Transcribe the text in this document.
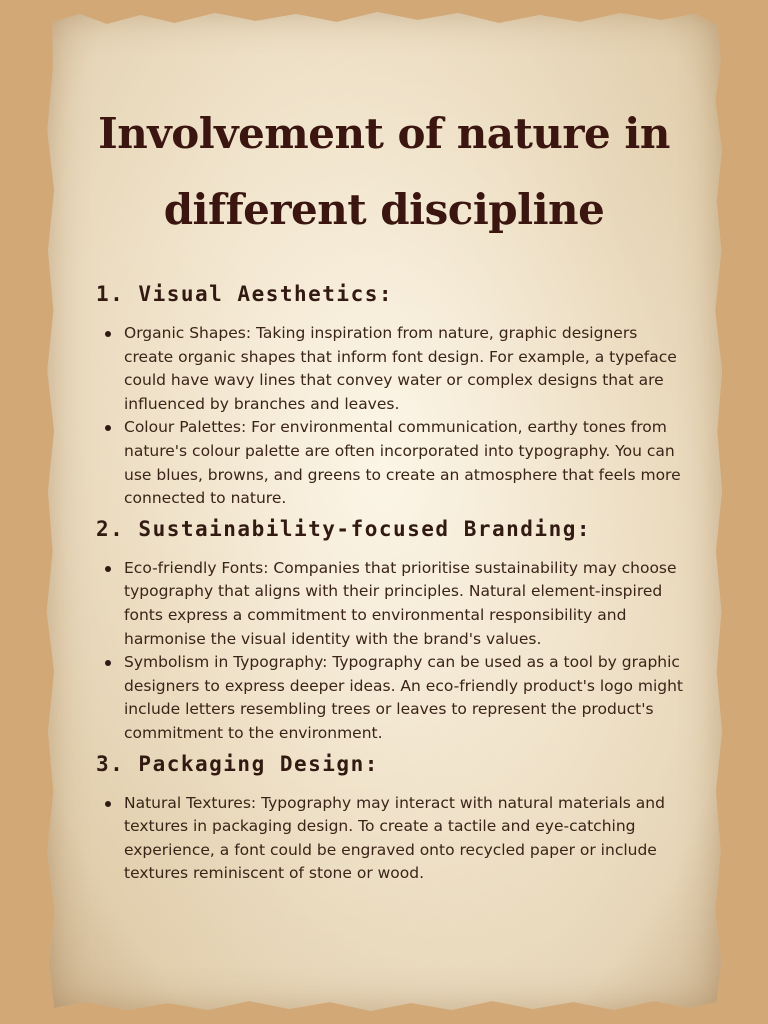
Involvement of nature in
different discipline
1. Visual Aesthetics:
Organic Shapes: Taking inspiration from nature, graphic designers create organic shapes that inform font design. For example, a typeface could have wavy lines that convey water or complex designs that are influenced by branches and leaves.
Colour Palettes: For environmental communication, earthy tones from nature's colour palette are often incorporated into typography. You can use blues, browns, and greens to create an atmosphere that feels more connected to nature.
2. Sustainability-focused Branding:
Eco-friendly Fonts: Companies that prioritise sustainability may choose typography that aligns with their principles. Natural element-inspired fonts express a commitment to environmental responsibility and harmonise the visual identity with the brand's values.
Symbolism in Typography: Typography can be used as a tool by graphic designers to express deeper ideas. An eco-friendly product's logo might include letters resembling trees or leaves to represent the product's commitment to the environment.
3. Packaging Design:
Natural Textures: Typography may interact with natural materials and textures in packaging design. To create a tactile and eye-catching experience, a font could be engraved onto recycled paper or include textures reminiscent of stone or wood.
